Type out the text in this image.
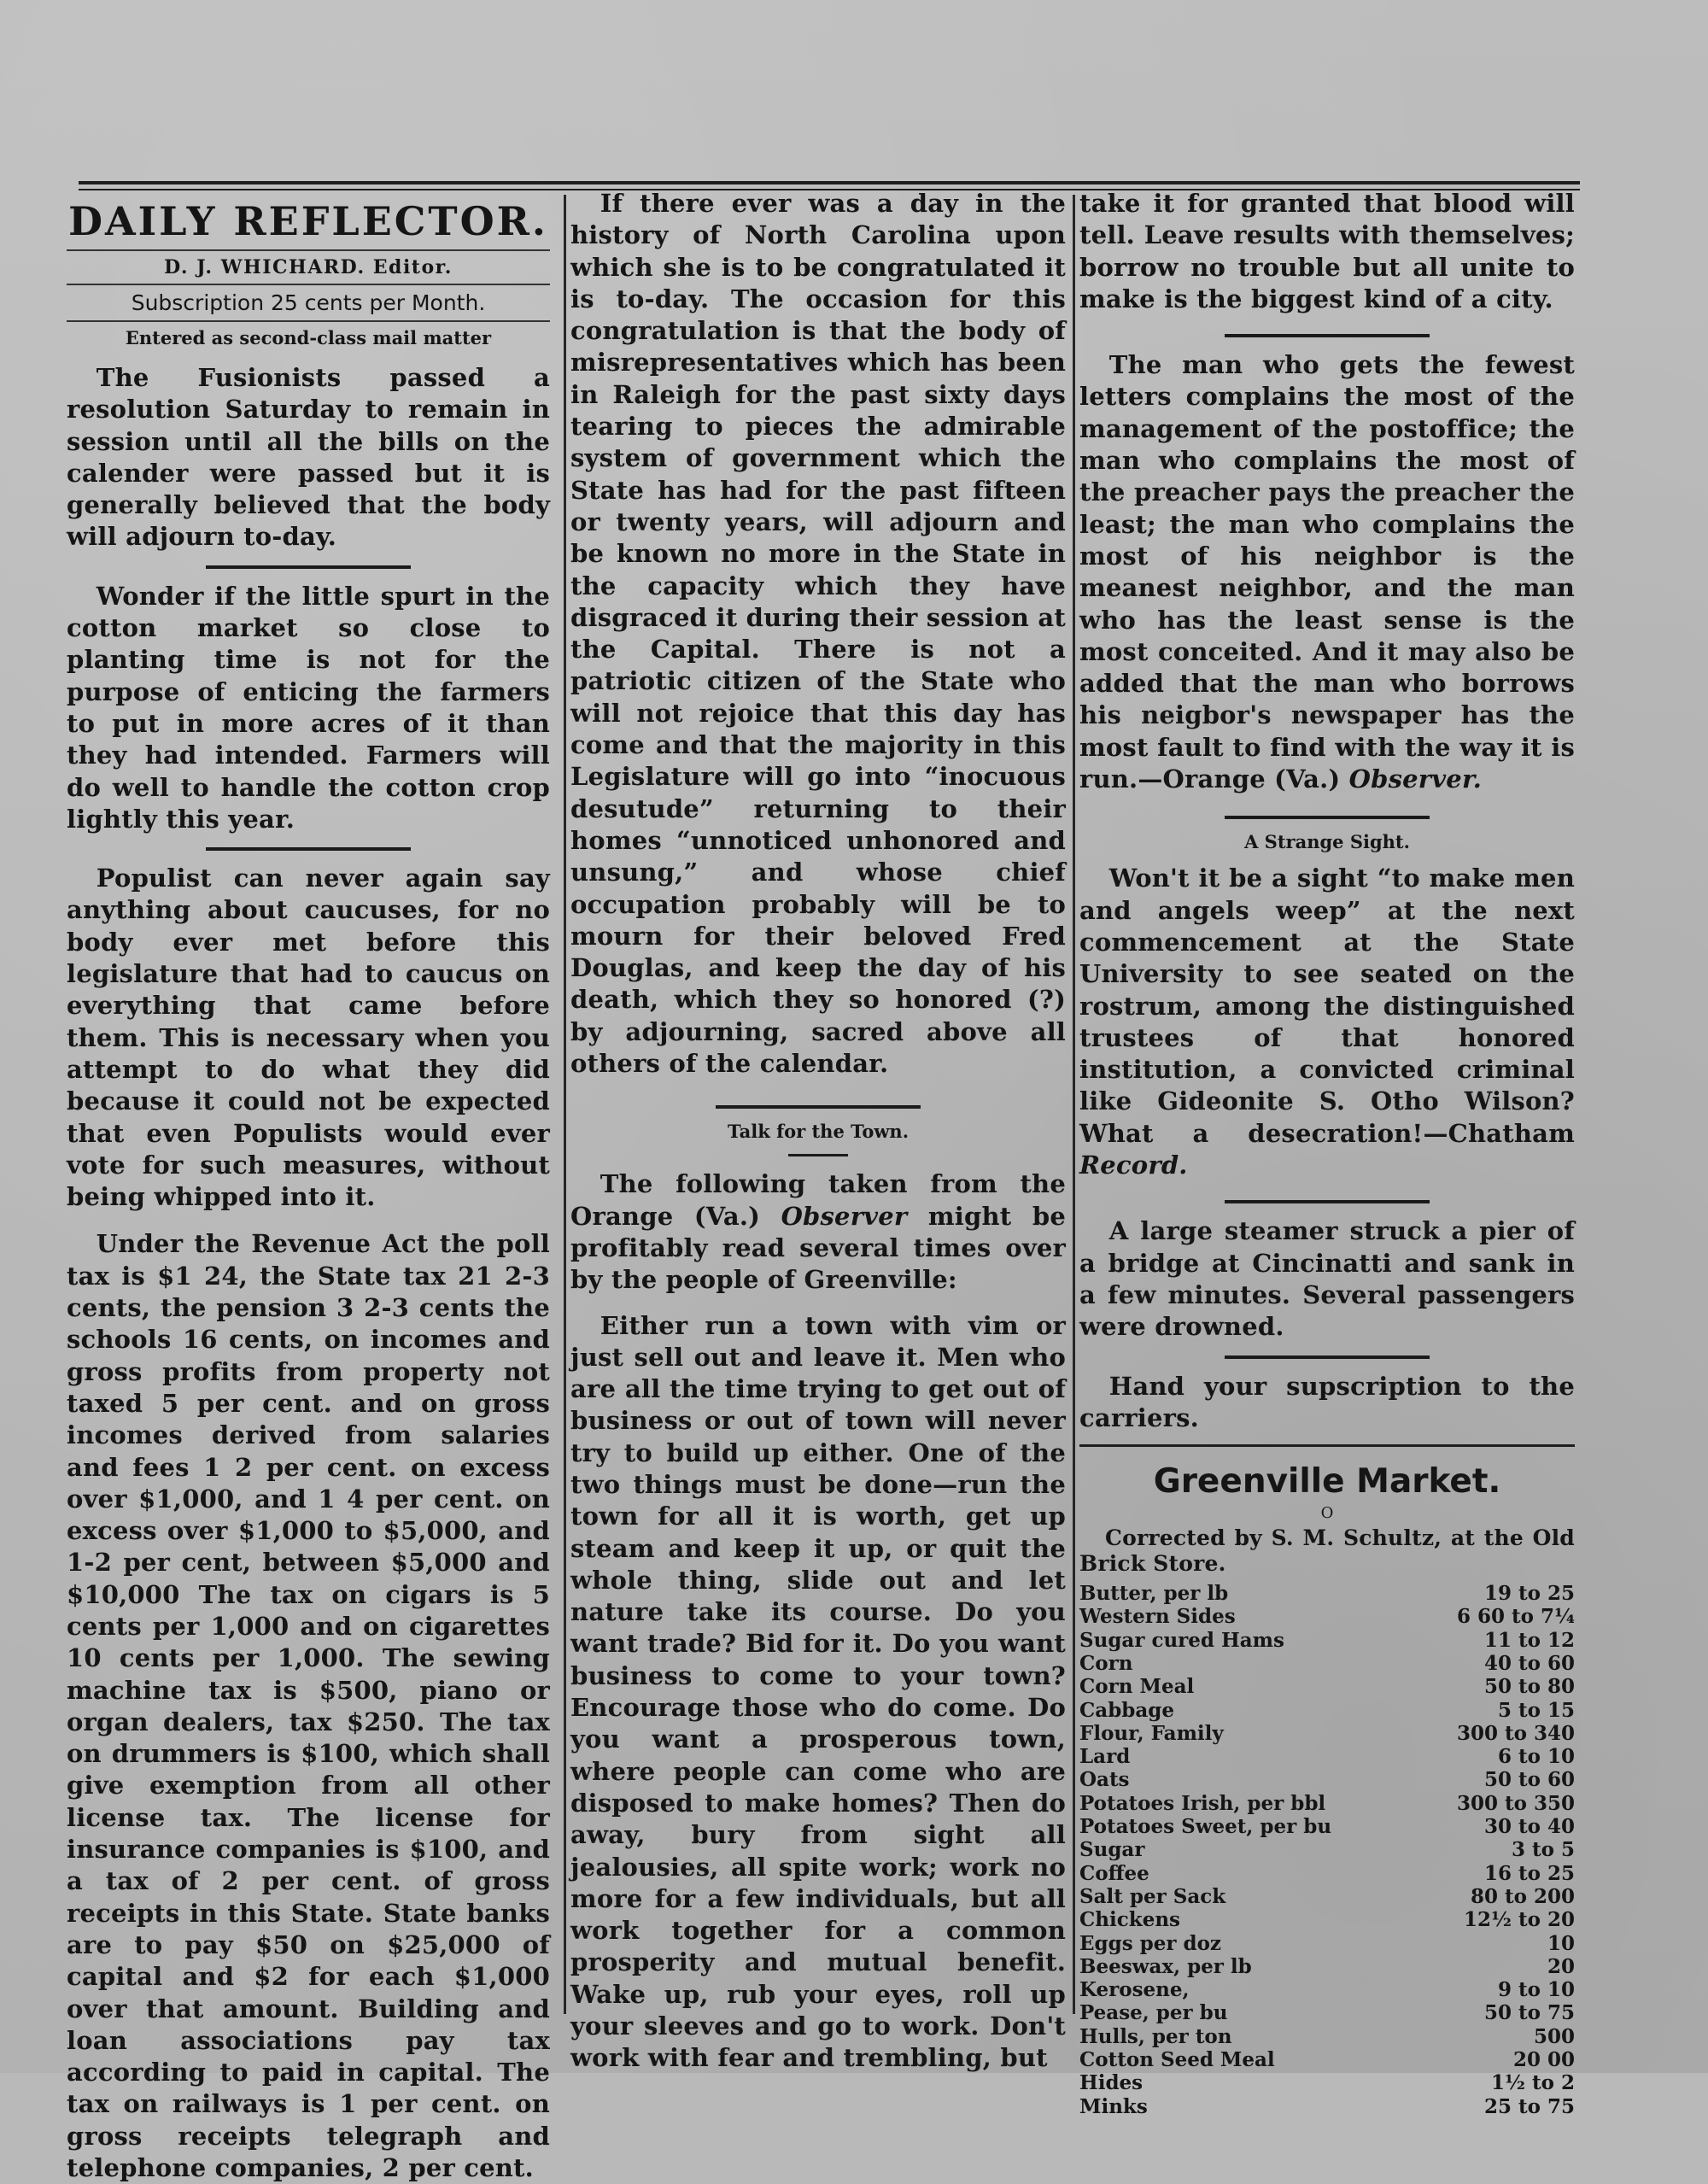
DAILY REFLECTOR.
D. J. WHICHARD. Editor.
Subscription 25 cents per Month.
Entered as second-class mail matter

The Fusionists passed a resolution Saturday to remain in session until all the bills on the calender were passed but it is generally believed that the body will adjourn to-day.

Wonder if the little spurt in the cotton market so close to planting time is not for the purpose of enticing the farmers to put in more acres of it than they had intended. Farmers will do well to handle the cotton crop lightly this year.

Populist can never again say anything about caucuses, for no body ever met before this legislature that had to caucus on everything that came before them. This is necessary when you attempt to do what they did because it could not be expected that even Populists would ever vote for such measures, without being whipped into it.

Under the Revenue Act the poll tax is $1 24, the State tax 21 2-3 cents, the pension 3 2-3 cents the schools 16 cents, on incomes and gross profits from property not taxed 5 per cent. and on gross incomes derived from salaries and fees 1 2 per cent. on excess over $1,000, and 1 4 per cent. on excess over $1,000 to $5,000, and 1-2 per cent, between $5,000 and $10,000 The tax on cigars is 5 cents per 1,000 and on cigarettes 10 cents per 1,000. The sewing machine tax is $500, piano or organ dealers, tax $250. The tax on drummers is $100, which shall give exemption from all other license tax. The license for insurance companies is $100, and a tax of 2 per cent. of gross receipts in this State. State banks are to pay $50 on $25,000 of capital and $2 for each $1,000 over that amount. Building and loan associations pay tax according to paid in capital. The tax on railways is 1 per cent. on gross receipts telegraph and telephone companies, 2 per cent.

If there ever was a day in the history of North Carolina upon which she is to be congratulated it is to-day. The occasion for this congratulation is that the body of misrepresentatives which has been in Raleigh for the past sixty days tearing to pieces the admirable system of government which the State has had for the past fifteen or twenty years, will adjourn and be known no more in the State in the capacity which they have disgraced it during their session at the Capital. There is not a patriotic citizen of the State who will not rejoice that this day has come and that the majority in this Legislature will go into “inocuous desutude” returning to their homes “unnoticed unhonored and unsung,” and whose chief occupation probably will be to mourn for their beloved Fred Douglas, and keep the day of his death, which they so honored (?) by adjourning, sacred above all others of the calendar.

Talk for the Town.

The following taken from the Orange (Va.) Observer might be profitably read several times over by the people of Greenville:

Either run a town with vim or just sell out and leave it. Men who are all the time trying to get out of business or out of town will never try to build up either. One of the two things must be done—run the town for all it is worth, get up steam and keep it up, or quit the whole thing, slide out and let nature take its course. Do you want trade? Bid for it. Do you want business to come to your town? Encourage those who do come. Do you want a prosperous town, where people can come who are disposed to make homes? Then do away, bury from sight all jealousies, all spite work; work no more for a few individuals, but all work together for a common prosperity and mutual benefit. Wake up, rub your eyes, roll up your sleeves and go to work. Don't work with fear and trembling, but

take it for granted that blood will tell. Leave results with themselves; borrow no trouble but all unite to make is the biggest kind of a city.

The man who gets the fewest letters complains the most of the management of the postoffice; the man who complains the most of the preacher pays the preacher the least; the man who complains the most of his neighbor is the meanest neighbor, and the man who has the least sense is the most conceited. And it may also be added that the man who borrows his neigbor's newspaper has the most fault to find with the way it is run.—Orange (Va.) Observer.

A Strange Sight.

Won't it be a sight “to make men and angels weep” at the next commencement at the State University to see seated on the rostrum, among the distinguished trustees of that honored institution, a convicted criminal like Gideonite S. Otho Wilson? What a desecration!—Chatham Record.

A large steamer struck a pier of a bridge at Cincinatti and sank in a few minutes. Several passengers were drowned.

Hand your supscription to the carriers.

Greenville Market.
O

Corrected by S. M. Schultz, at the Old Brick Store.

Butter, per lb	19 to 25
Western Sides	6 60 to 7¼
Sugar cured Hams	11 to 12
Corn	40 to 60
Corn Meal	50 to 80
Cabbage	5 to 15
Flour, Family	300 to 340
Lard	6 to 10
Oats	50 to 60
Potatoes Irish, per bbl	300 to 350
Potatoes Sweet, per bu	30 to 40
Sugar	3 to 5
Coffee	16 to 25
Salt per Sack	80 to 200
Chickens	12½ to 20
Eggs per doz	10
Beeswax, per lb	20
Kerosene,	9 to 10
Pease, per bu	50 to 75
Hulls, per ton	500
Cotton Seed Meal	20 00
Hides	1½ to 2
Minks	25 to 75
